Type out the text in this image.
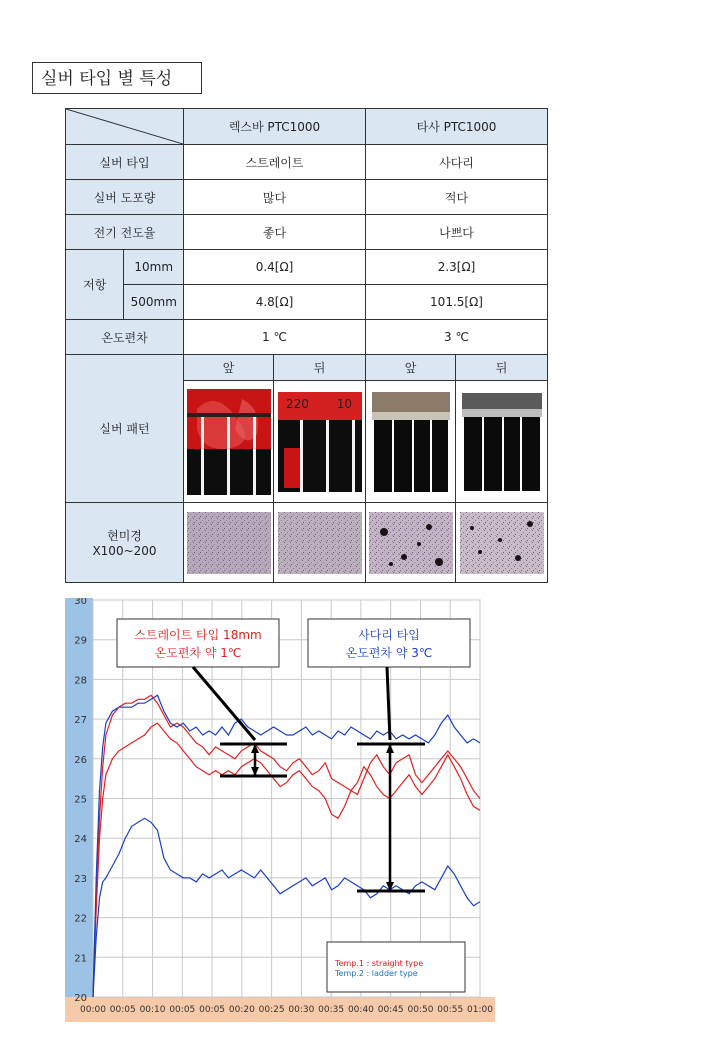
실버 타입 별 특성
	렉스바 PTC1000		타사 PTC1000	
실버 타입		스트레이트		사다리	
실버 도포량		많다		적다	
전기 전도율		좋다		나쁘다	
저항	10mm	0.4[Ω]		2.3[Ω]	
	500mm	4.8[Ω]		101.5[Ω]	
온도편차		1 ℃		3 ℃	
실버 패턴		앞	뒤	앞	뒤

10
220

현미경
X100~200

20
21
22
23
24
25
26
27
28
29
30
00:00 00:05 00:10 00:05 00:05 00:20 00:25 00:30 00:35 00:40 00:45 00:50 00:55 01:00
스트레이트 타입 18mm
온도편차 약 1℃
사다리 타입
온도편차 약 3℃
Temp.1 : straight type
Temp.2 : ladder type
